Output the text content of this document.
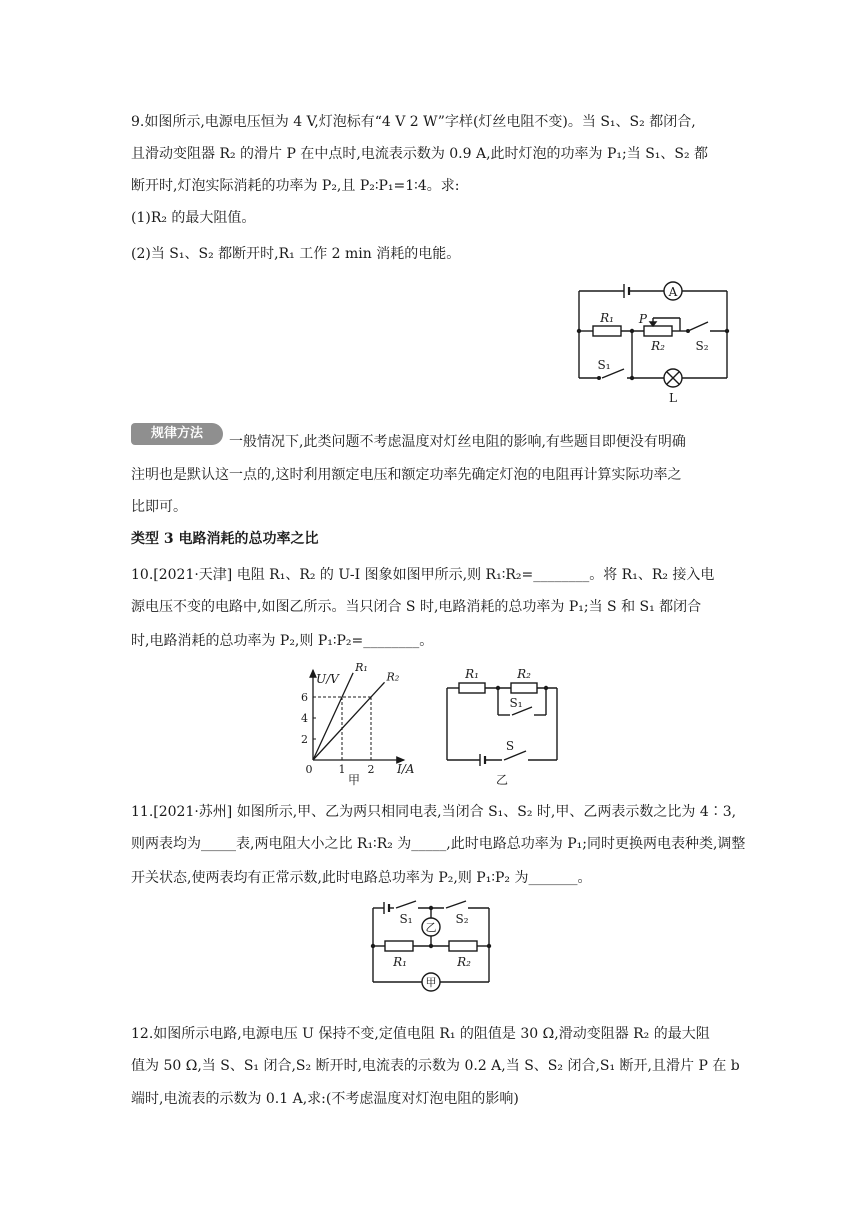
9.如图所示,电源电压恒为 4 V,灯泡标有“4 V 2 W”字样(灯丝电阻不变)。当 S₁、S₂ 都闭合,
且滑动变阻器 R₂ 的滑片 P 在中点时,电流表示数为 0.9 A,此时灯泡的功率为 P₁;当 S₁、S₂ 都
断开时,灯泡实际消耗的功率为 P₂,且 P₂∶P₁=1∶4。求:
(1)R₂ 的最大阻值。
(2)当 S₁、S₂ 都断开时,R₁ 工作 2 min 消耗的电能。
A
R₁ P
R₂	S₂
S₁
L
规律方法
一般情况下,此类问题不考虑温度对灯丝电阻的影响,有些题目即便没有明确
注明也是默认这一点的,这时利用额定电压和额定功率先确定灯泡的电阻再计算实际功率之
比即可。
类型 3 电路消耗的总功率之比
10.[2021·天津] 电阻 R₁、R₂ 的 U-I 图象如图甲所示,则 R₁∶R₂=________。将 R₁、R₂ 接入电
源电压不变的电路中,如图乙所示。当只闭合 S 时,电路消耗的总功率为 P₁;当 S 和 S₁ 都闭合
时,电路消耗的总功率为 P₂,则 P₁∶P₂=________。
R₁
R₂
2
4
6
0 1 2
U/V
I/A
甲
R₁	R₂
S₁
S
乙
11.[2021·苏州] 如图所示,甲、乙为两只相同电表,当闭合 S₁、S₂ 时,甲、乙两表示数之比为 4∶3,
则两表均为_____表,两电阻大小之比 R₁∶R₂ 为_____,此时电路总功率为 P₁;同时更换两电表种类,调整
开关状态,使两表均有正常示数,此时电路总功率为 P₂,则 P₁∶P₂ 为_______。
S₁	S₂
乙
R₁	R₂
甲
12.如图所示电路,电源电压 U 保持不变,定值电阻 R₁ 的阻值是 30 Ω,滑动变阻器 R₂ 的最大阻
值为 50 Ω,当 S、S₁ 闭合,S₂ 断开时,电流表的示数为 0.2 A,当 S、S₂ 闭合,S₁ 断开,且滑片 P 在 b
端时,电流表的示数为 0.1 A,求:(不考虑温度对灯泡电阻的影响)
